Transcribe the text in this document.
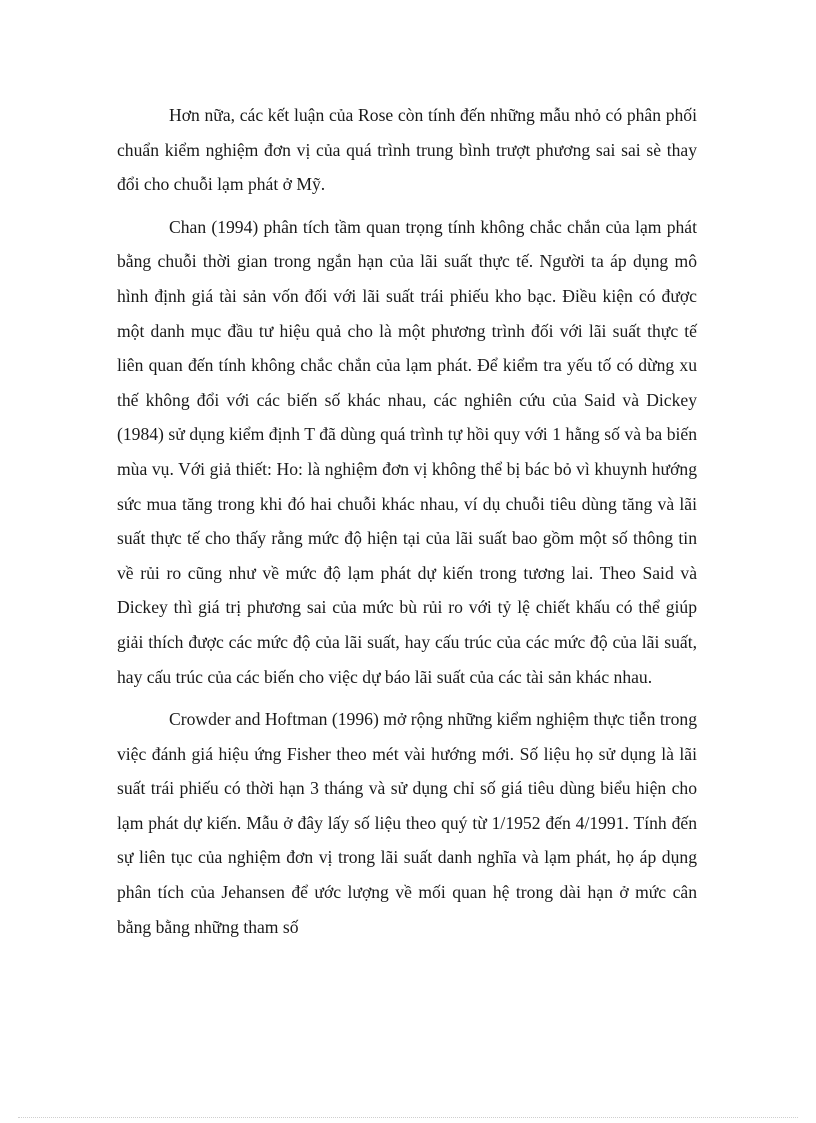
Hơn nữa, các kết luận của Rose còn tính đến những mẫu nhỏ có phân phối chuẩn kiểm nghiệm đơn vị của quá trình trung bình trượt phương sai sai sè thay đổi cho chuỗi lạm phát ở Mỹ.

Chan (1994) phân tích tầm quan trọng tính không chắc chắn của lạm phát bằng chuỗi thời gian trong ngắn hạn của lãi suất thực tế. Người ta áp dụng mô hình định giá tài sản vốn đối với lãi suất trái phiếu kho bạc. Điều kiện có được một danh mục đầu tư hiệu quả cho là một phương trình đối với lãi suất thực tế liên quan đến tính không chắc chắn của lạm phát. Để kiểm tra yếu tố có dừng xu thế không đổi với các biến số khác nhau, các nghiên cứu của Said và Dickey (1984) sử dụng kiểm định T đã dùng quá trình tự hồi quy với 1 hằng số và ba biến mùa vụ. Với giả thiết: Ho: là nghiệm đơn vị không thể bị bác bỏ vì khuynh hướng sức mua tăng trong khi đó hai chuỗi khác nhau, ví dụ chuỗi tiêu dùng tăng và lãi suất thực tế cho thấy rằng mức độ hiện tại của lãi suất bao gồm một số thông tin về rủi ro cũng như về mức độ lạm phát dự kiến trong tương lai. Theo Said và Dickey thì giá trị phương sai của mức bù rủi ro với tỷ lệ chiết khấu có thể giúp giải thích được các mức độ của lãi suất, hay cấu trúc của các mức độ của lãi suất, hay cấu trúc của các biến cho việc dự báo lãi suất của các tài sản khác nhau.

Crowder and Hoftman (1996) mở rộng những kiểm nghiệm thực tiễn trong việc đánh giá hiệu ứng Fisher theo mét vài hướng mới. Số liệu họ sử dụng là lãi suất trái phiếu có thời hạn 3 tháng và sử dụng chỉ số giá tiêu dùng biểu hiện cho lạm phát dự kiến. Mẫu ở đây lấy số liệu theo quý từ 1/1952 đến 4/1991. Tính đến sự liên tục của nghiệm đơn vị trong lãi suất danh nghĩa và lạm phát, họ áp dụng phân tích của Jehansen để ước lượng về mối quan hệ trong dài hạn ở mức cân bằng bằng những tham số
